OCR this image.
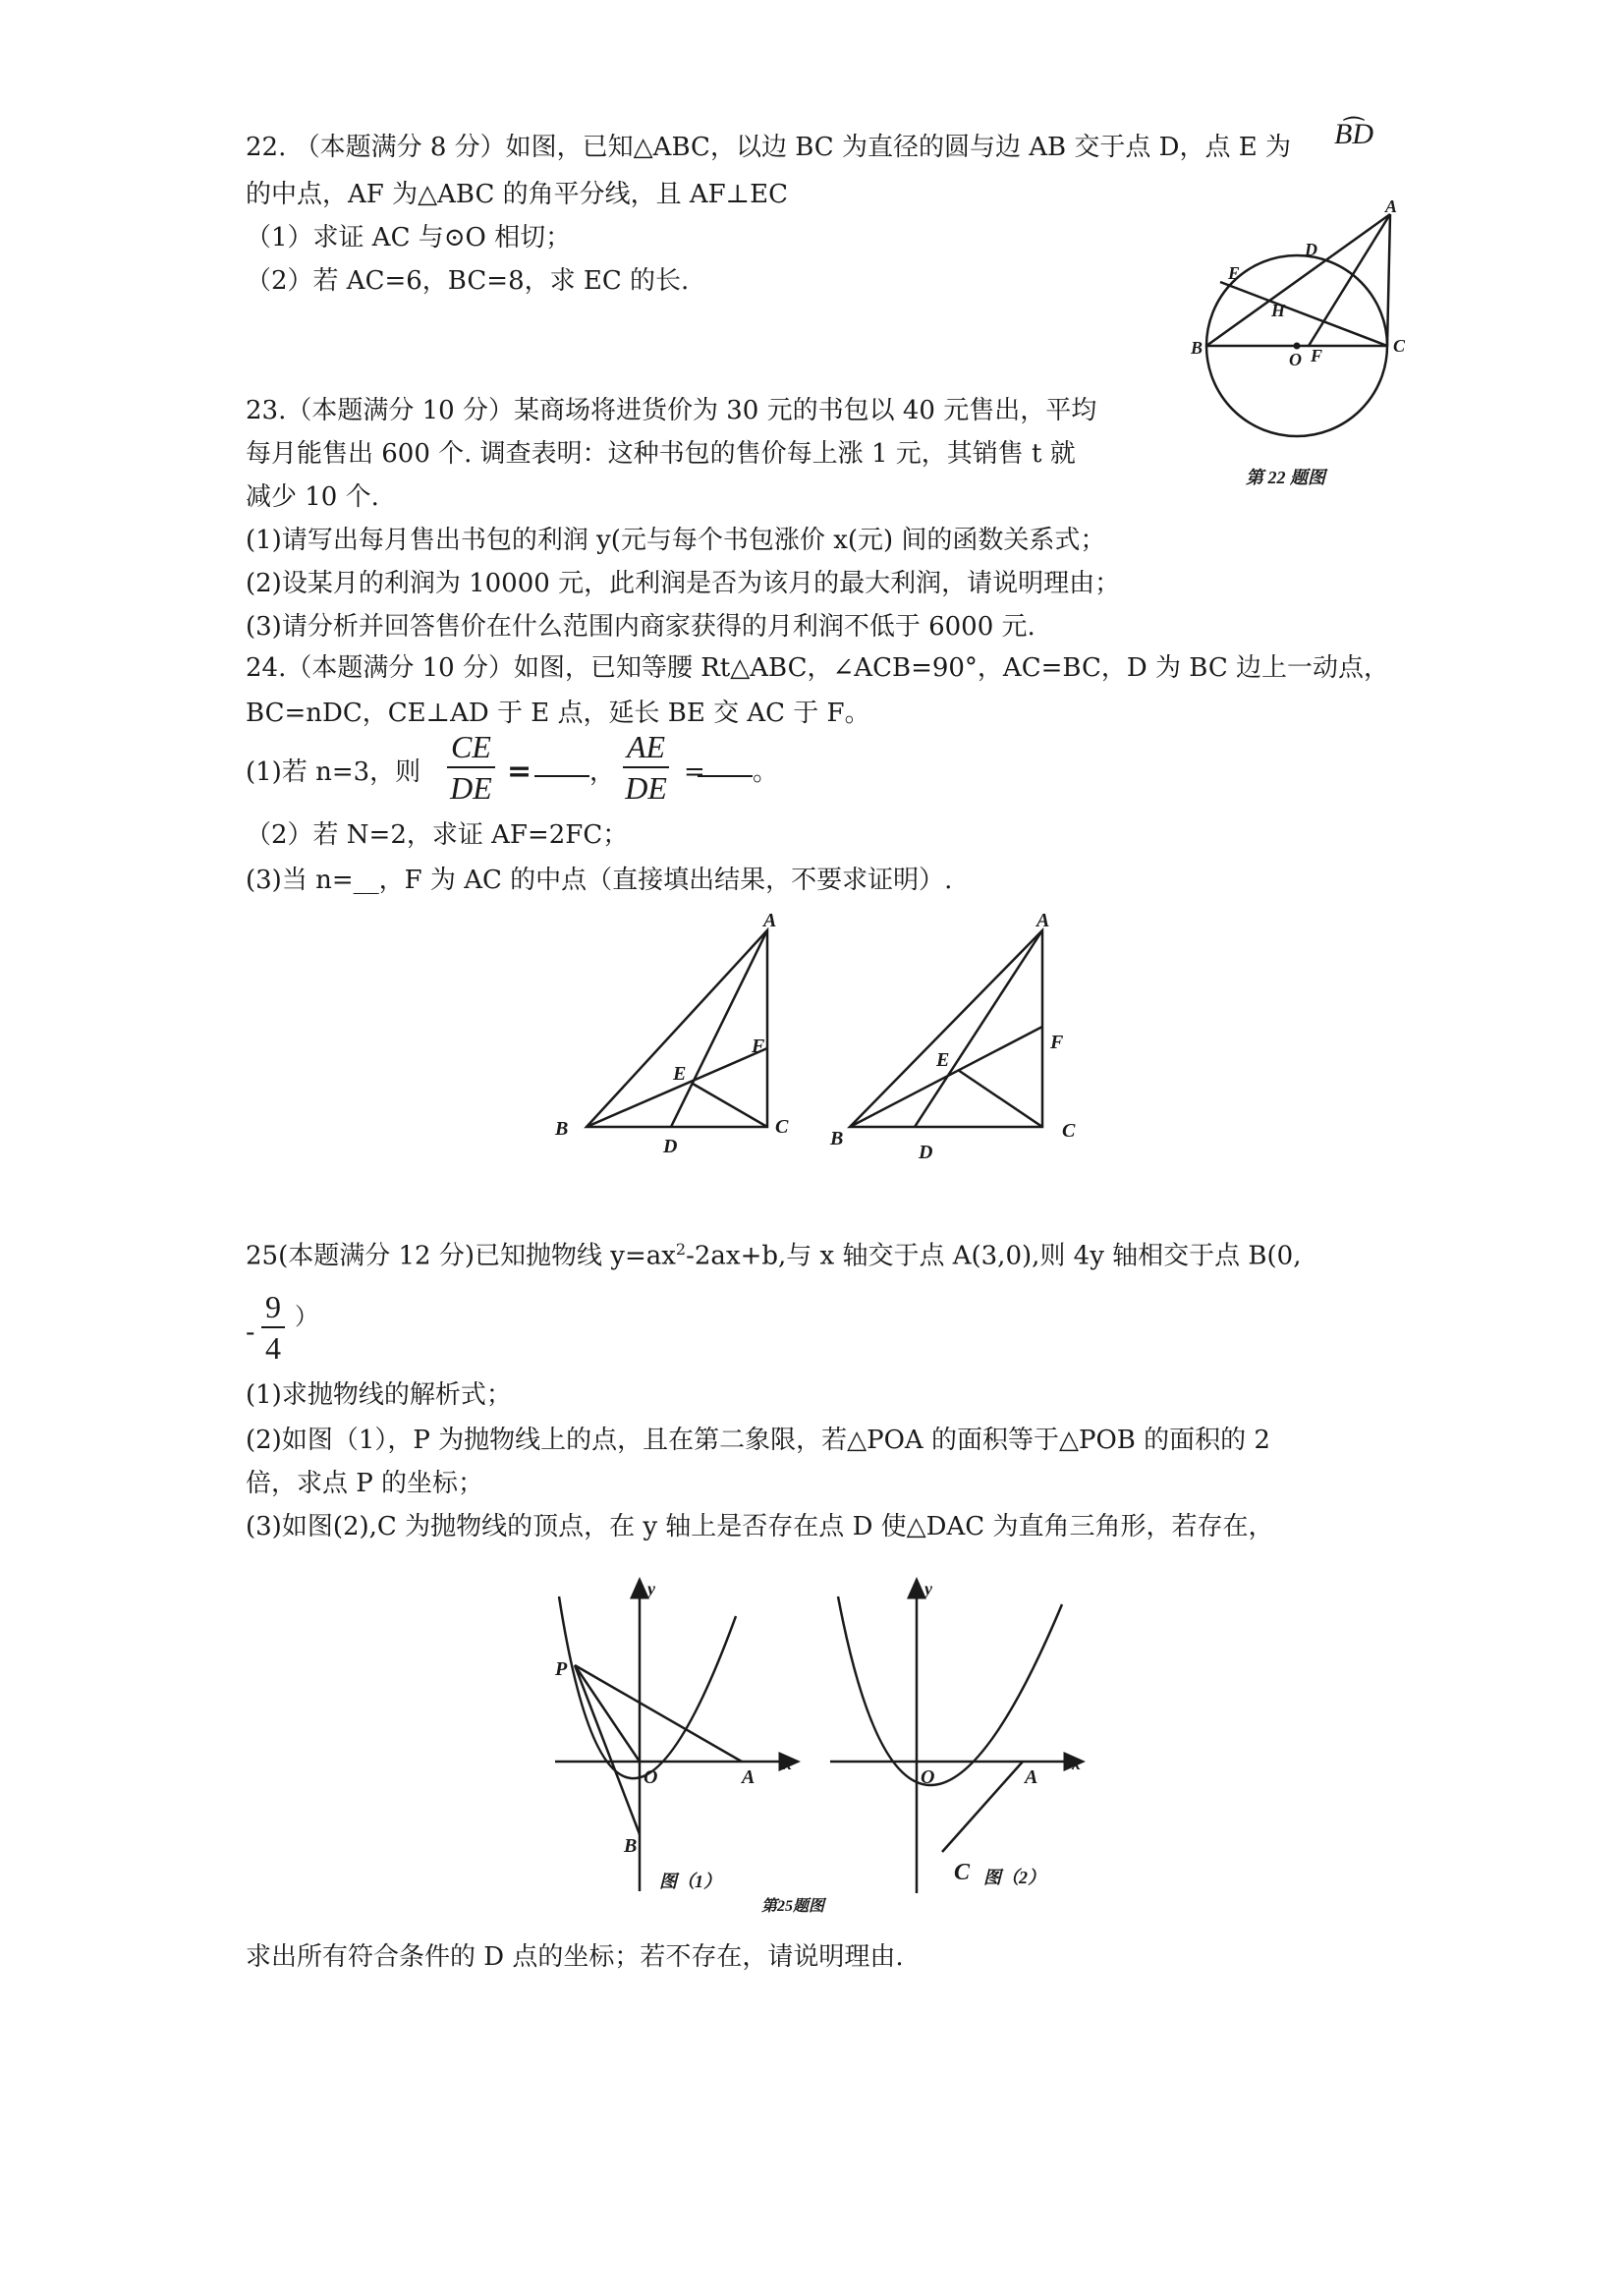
22. （本题满分 8 分）如图，已知△ABC，以边 BC 为直径的圆与边 AB 交于点 D，点 E 为
⁔
BD
的中点，AF 为△ABC 的角平分线，且 AF⊥EC
（1）求证 AC 与⊙O 相切；
（2）若 AC=6，BC=8，求 EC 的长.
B	C
A
D
E
H
O F
第 22 题图
23.（本题满分 10 分）某商场将进货价为 30 元的书包以 40 元售出，平均
每月能售出 600 个. 调查表明：这种书包的售价每上涨 1 元，其销售 t 就
减少 10 个.
(1)请写出每月售出书包的利润 y(元与每个书包涨价 x(元) 间的函数关系式；
(2)设某月的利润为 10000 元，此利润是否为该月的最大利润，请说明理由；
(3)请分析并回答售价在什么范围内商家获得的月利润不低于 6000 元.
24.（本题满分 10 分）如图，已知等腰 Rt△ABC，∠ACB=90°，AC=BC，D 为 BC 边上一动点，
BC=nDC，CE⊥AD 于 E 点，延长 BE 交 AC 于 F。
(1)若 n=3，则 $\frac{CE}{DE}$ = ， $\frac{AE}{DE}$ = 。
（2）若 N=2，求证 AF=2FC；
(3)当 n=__，F 为 AC 的中点（直接填出结果，不要求证明）.
A
B	C
D
E
F
A
B	C
D
E
F
25(本题满分 12 分)已知抛物线 $y=ax^2-2ax+b$,与 x 轴交于点 A(3,0),则 4y 轴相交于点 B(0,
- $\frac{9}{4}$ ）
(1)求抛物线的解析式；
(2)如图（1），P 为抛物线上的点，且在第二象限，若△POA 的面积等于△POB 的面积的 2
倍，求点 P 的坐标；
(3)如图(2),C 为抛物线的顶点，在 y 轴上是否存在点 D 使△DAC 为直角三角形，若存在，
x
y
O	A
B
P
图（1）
x
y
O	A
C 图（2）
第25题图
求出所有符合条件的 D 点的坐标；若不存在，请说明理由.
